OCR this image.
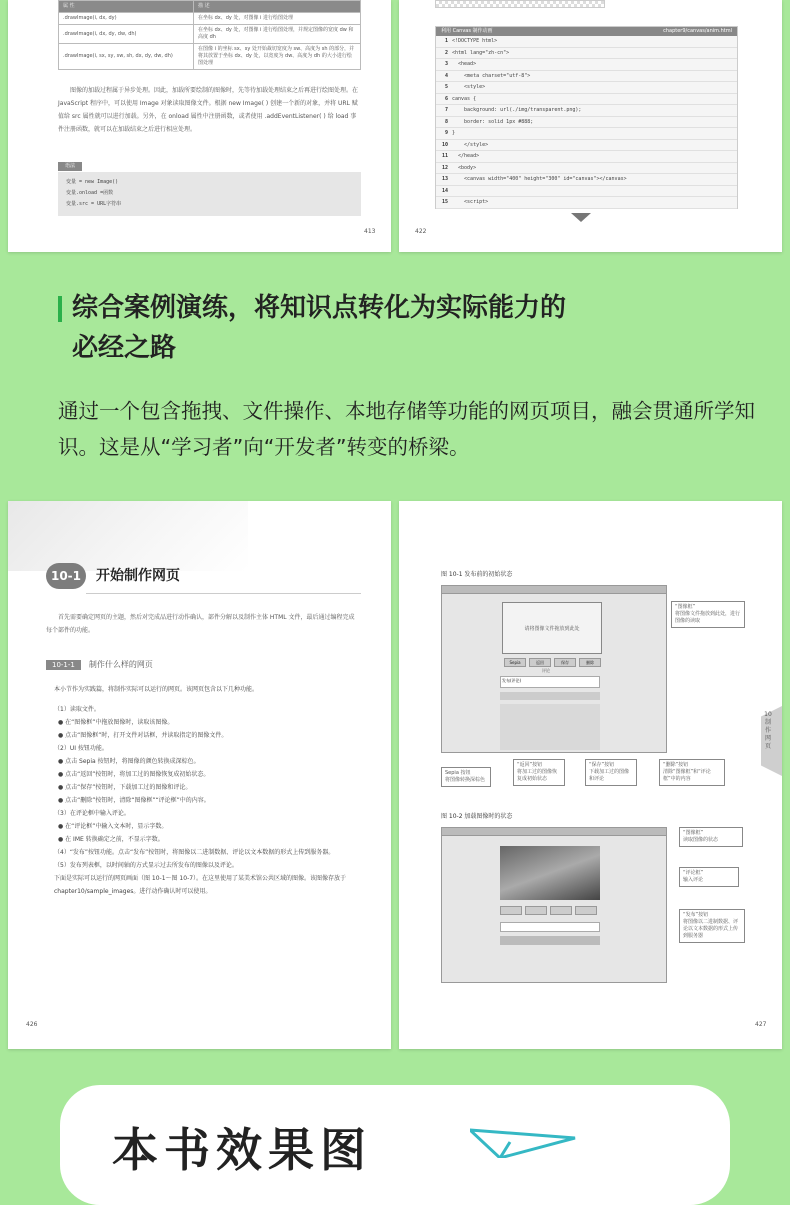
属 性	描 述
.drawImage(i, dx, dy)	在坐标 dx、dy 处，对图像 i 进行绘图处理
.drawImage(i, dx, dy, dw, dh)	在坐标 dx、dy 处，对图像 i 进行绘图处理，并规定图像的宽度 dw 和高度 dh
.drawImage(i, sx, sy, sw, sh, dx, dy, dw, dh)	在图像 i 的坐标 sx、sy 处开始裁切宽度为 sw、高度为 sh 的部分，并将其放置于坐标 dx、dy 处，以宽度为 dw、高度为 dh 的大小进行绘图处理
图像的加载过程属于异步处理。因此，加载所要绘制的图像时，先等待加载处理结束之后再进行绘图处理。在 JavaScript 程序中，可以使用 Image 对象读取图像文件。根据 new Image( ) 创建一个新的对象，并将 URL 赋值给 src 属性就可以进行加载。另外，在 onload 属性中注册函数，或者使用 .addEventListener( ) 给 load 事件注册函数，就可以在加载结束之后进行相应处理。
语法
变量 = new Image()
变量.onload =函数
变量.src = URL字符串
413
利用 Canvas 制作动画	chapter9/canvas/anim.html
1 <!DOCTYPE html>
2 <html lang="zh-cn">
3 <head>
4 <meta charset="utf-8">
5 <style>
6 canvas {
7 background: url(./img/transparent.png);
8 border: solid 1px #888;
9 }
10 </style>
11 </head>
12 <body>
13 <canvas width="400" height="300" id="canvas"></canvas>
14
15 <script>
422
综合案例演练，将知识点转化为实际能力的
必经之路
通过一个包含拖拽、文件操作、本地存储等功能的网页项目，融会贯通所学知识。这是从“学习者”向“开发者”转变的桥梁。
10-1	开始制作网页
首先需要确定网页的主题，然后对完成品进行动作确认，部件分解以及制作主体 HTML 文件，最后通过编程完成每个部件的功能。
10-1-1	制作什么样的网页
本小节作为实践篇，将制作实际可以运行的网页。该网页包含以下几种功能。
（1）读取文件。
● 在“图像框”中拖放图像时，读取该图像。
● 点击“图像框”时，打开文件对话框，并读取指定的图像文件。
（2）UI 按钮功能。
● 点击 Sepia 按钮时，将图像的颜色转换成深棕色。
● 点击“返回”按钮时，将加工过的图像恢复成初始状态。
● 点击“保存”按钮时，下载加工过的图像和评论。
● 点击“删除”按钮时，清除“图像框”“评论框”中的内容。
（3）在评论框中输入评论。
● 在“评论框”中输入文本时，显示字数。
● 在 IME 转换确定之前，不显示字数。
（4）“发布”按钮功能。点击“发布”按钮时，将图像以二进制数据、评论以文本数据的形式上传到服务器。
（5）发布列表框，以时间轴的方式显示过去所发布的图像以及评论。
下面是实际可以运行的网页画面（图 10-1～图 10-7）。在这里使用了某美术馆公共区域的图像。该图像存放于 chapter10/sample_images。进行动作确认时可以使用。
426
图 10-1 发布前的初始状态
请将图像文件拖放到此处
Sepia	返回	保存	删除
评论
发布(评论)
“图像框”
将图像文件拖放到此处，进行图像的读取
Sepia 按钮
将图像转换深棕色
“返回”按钮
将加工过的图像恢复成初始状态
“保存”按钮
下载加工过的图像和评论
“删除”按钮
清除“图像框”和“评论框”中的内容
图 10-2 加载图像时的状态
“图像框”
读取图像的状态
“评论框”
输入评论
“发布”按钮
将图像以二进制数据、评论以文本数据的形式上传到服务器
10 制作网页
427
本书效果图
